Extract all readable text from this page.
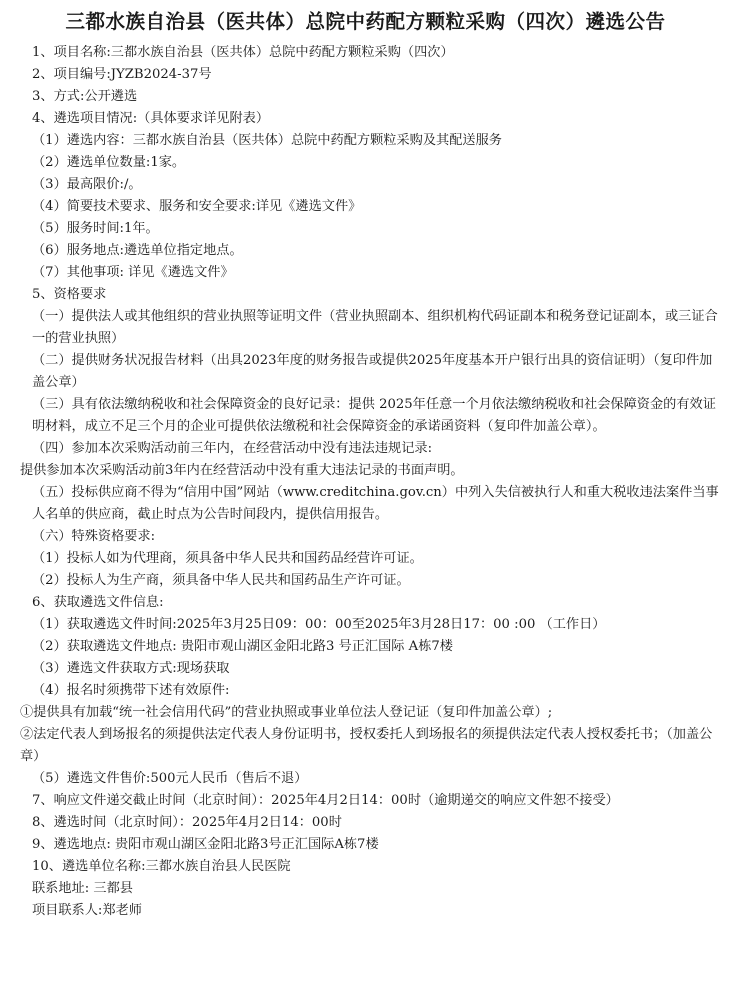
三都水族自治县（医共体）总院中药配方颗粒采购（四次）遴选公告
1、项目名称:三都水族自治县（医共体）总院中药配方颗粒采购（四次）
2、项目编号:JYZB2024-37号
3、方式:公开遴选
4、遴选项目情况:（具体要求详见附表）
（1）遴选内容：三都水族自治县（医共体）总院中药配方颗粒采购及其配送服务
（2）遴选单位数量:1家。
（3）最高限价:/。
（4）简要技术要求、服务和安全要求:详见《遴选文件》
（5）服务时间:1年。
（6）服务地点:遴选单位指定地点。
（7）其他事项: 详见《遴选文件》
5、资格要求
（一）提供法人或其他组织的营业执照等证明文件（营业执照副本、组织机构代码证副本和税务登记证副本，或三证合一的营业执照）
（二）提供财务状况报告材料（出具2023年度的财务报告或提供2025年度基本开户银行出具的资信证明）（复印件加盖公章）
（三）具有依法缴纳税收和社会保障资金的良好记录：提供 2025年任意一个月依法缴纳税收和社会保障资金的有效证明材料，成立不足三个月的企业可提供依法缴税和社会保障资金的承诺函资料（复印件加盖公章）。
（四）参加本次采购活动前三年内，在经营活动中没有违法违规记录:
提供参加本次采购活动前3年内在经营活动中没有重大违法记录的书面声明。
（五）投标供应商不得为“信用中国”网站（www.creditchina.gov.cn）中列入失信被执行人和重大税收违法案件当事人名单的供应商，截止时点为公告时间段内，提供信用报告。
（六）特殊资格要求:
（1）投标人如为代理商，须具备中华人民共和国药品经营许可证。
（2）投标人为生产商，须具备中华人民共和国药品生产许可证。
6、获取遴选文件信息:
（1）获取遴选文件时间:2025年3月25日09：00：00至2025年3月28日17：00 :00 （工作日）
（2）获取遴选文件地点: 贵阳市观山湖区金阳北路3 号正汇国际 A栋7楼
（3）遴选文件获取方式:现场获取
（4）报名时须携带下述有效原件:
①提供具有加载“统一社会信用代码”的营业执照或事业单位法人登记证（复印件加盖公章）;
②法定代表人到场报名的须提供法定代表人身份证明书，授权委托人到场报名的须提供法定代表人授权委托书；（加盖公章）
（5）遴选文件售价:500元人民币（售后不退）
7、响应文件递交截止时间（北京时间）：2025年4月2日14：00时（逾期递交的响应文件恕不接受）
8、遴选时间（北京时间）：2025年4月2日14：00时
9、遴选地点: 贵阳市观山湖区金阳北路3号正汇国际A栋7楼
10、遴选单位名称:三都水族自治县人民医院
联系地址: 三都县
项目联系人:郑老师
